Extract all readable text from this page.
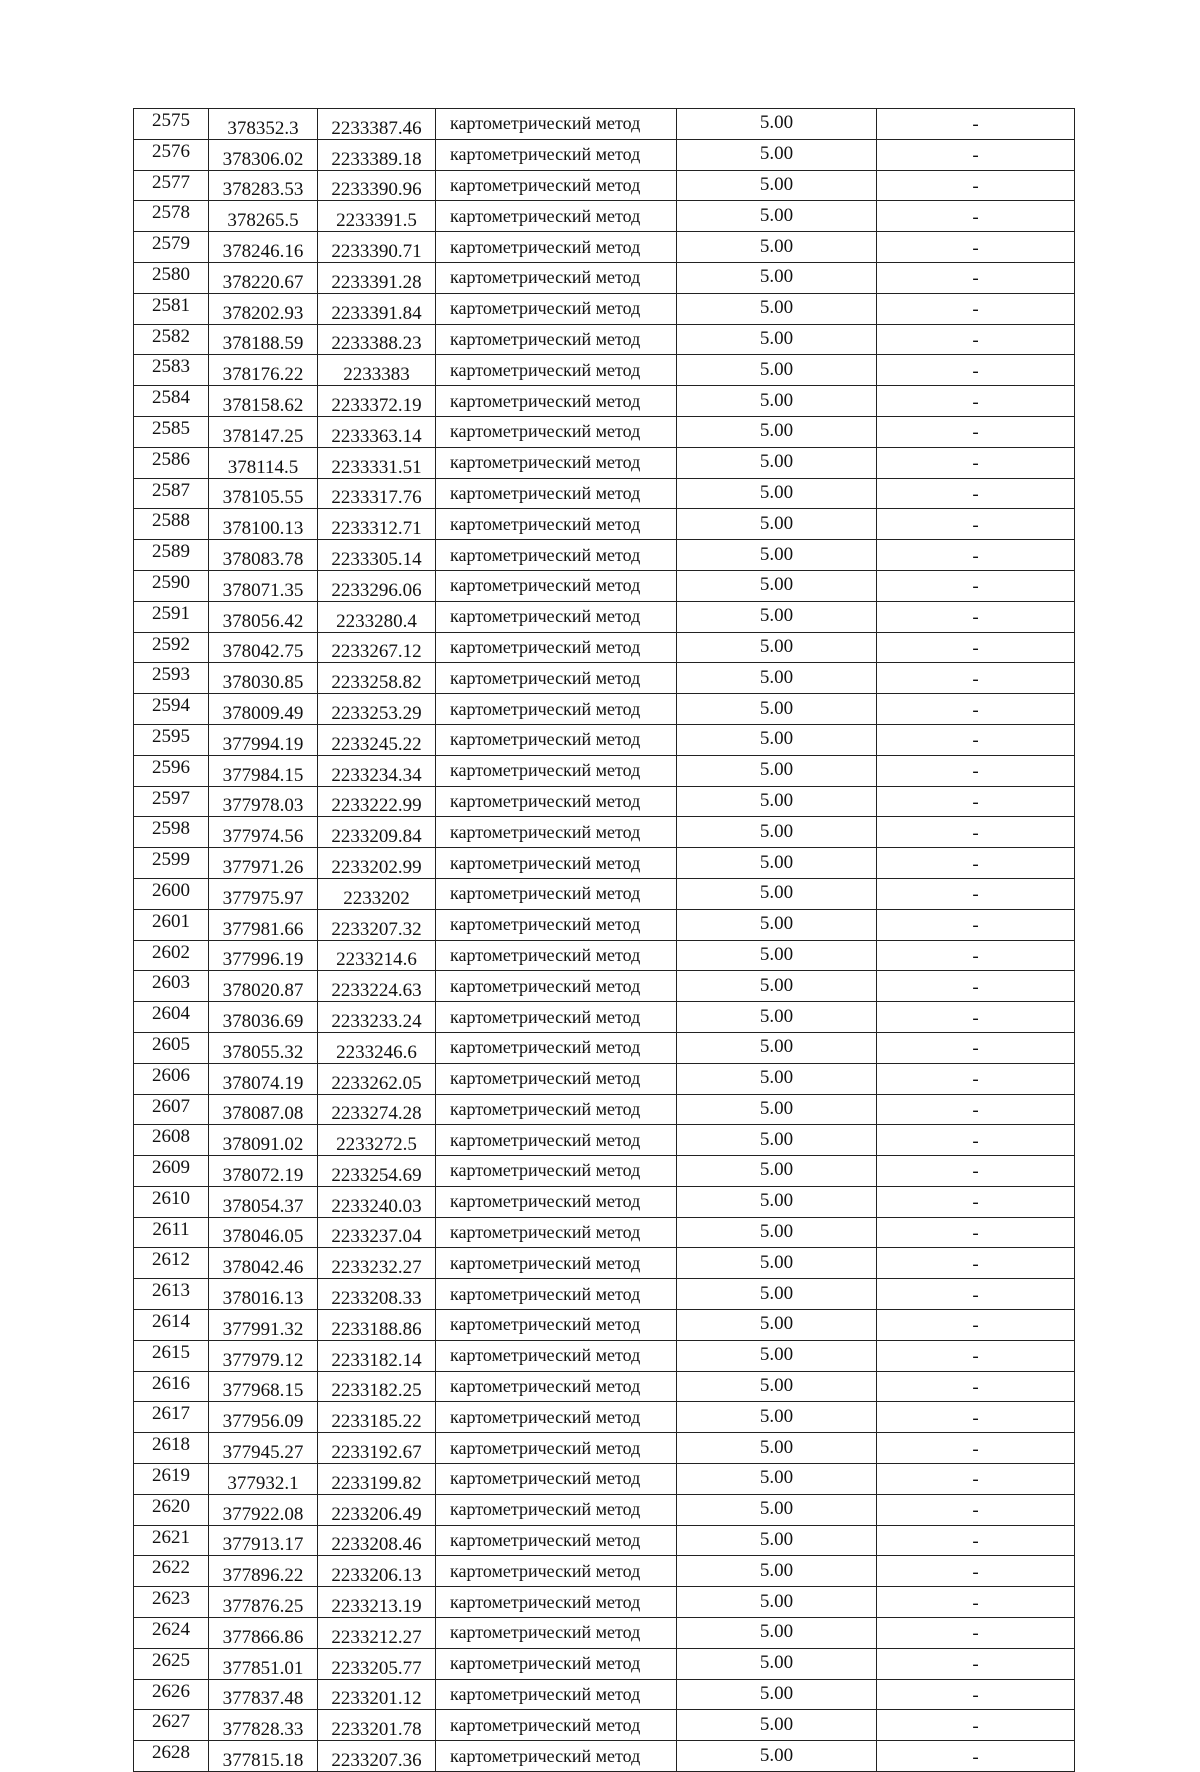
2575	378352.3	2233387.46	картометрический метод	5.00	-
2576	378306.02	2233389.18	картометрический метод	5.00	-
2577	378283.53	2233390.96	картометрический метод	5.00	-
2578	378265.5	2233391.5	картометрический метод	5.00	-
2579	378246.16	2233390.71	картометрический метод	5.00	-
2580	378220.67	2233391.28	картометрический метод	5.00	-
2581	378202.93	2233391.84	картометрический метод	5.00	-
2582	378188.59	2233388.23	картометрический метод	5.00	-
2583	378176.22	2233383	картометрический метод	5.00	-
2584	378158.62	2233372.19	картометрический метод	5.00	-
2585	378147.25	2233363.14	картометрический метод	5.00	-
2586	378114.5	2233331.51	картометрический метод	5.00	-
2587	378105.55	2233317.76	картометрический метод	5.00	-
2588	378100.13	2233312.71	картометрический метод	5.00	-
2589	378083.78	2233305.14	картометрический метод	5.00	-
2590	378071.35	2233296.06	картометрический метод	5.00	-
2591	378056.42	2233280.4	картометрический метод	5.00	-
2592	378042.75	2233267.12	картометрический метод	5.00	-
2593	378030.85	2233258.82	картометрический метод	5.00	-
2594	378009.49	2233253.29	картометрический метод	5.00	-
2595	377994.19	2233245.22	картометрический метод	5.00	-
2596	377984.15	2233234.34	картометрический метод	5.00	-
2597	377978.03	2233222.99	картометрический метод	5.00	-
2598	377974.56	2233209.84	картометрический метод	5.00	-
2599	377971.26	2233202.99	картометрический метод	5.00	-
2600	377975.97	2233202	картометрический метод	5.00	-
2601	377981.66	2233207.32	картометрический метод	5.00	-
2602	377996.19	2233214.6	картометрический метод	5.00	-
2603	378020.87	2233224.63	картометрический метод	5.00	-
2604	378036.69	2233233.24	картометрический метод	5.00	-
2605	378055.32	2233246.6	картометрический метод	5.00	-
2606	378074.19	2233262.05	картометрический метод	5.00	-
2607	378087.08	2233274.28	картометрический метод	5.00	-
2608	378091.02	2233272.5	картометрический метод	5.00	-
2609	378072.19	2233254.69	картометрический метод	5.00	-
2610	378054.37	2233240.03	картометрический метод	5.00	-
2611	378046.05	2233237.04	картометрический метод	5.00	-
2612	378042.46	2233232.27	картометрический метод	5.00	-
2613	378016.13	2233208.33	картометрический метод	5.00	-
2614	377991.32	2233188.86	картометрический метод	5.00	-
2615	377979.12	2233182.14	картометрический метод	5.00	-
2616	377968.15	2233182.25	картометрический метод	5.00	-
2617	377956.09	2233185.22	картометрический метод	5.00	-
2618	377945.27	2233192.67	картометрический метод	5.00	-
2619	377932.1	2233199.82	картометрический метод	5.00	-
2620	377922.08	2233206.49	картометрический метод	5.00	-
2621	377913.17	2233208.46	картометрический метод	5.00	-
2622	377896.22	2233206.13	картометрический метод	5.00	-
2623	377876.25	2233213.19	картометрический метод	5.00	-
2624	377866.86	2233212.27	картометрический метод	5.00	-
2625	377851.01	2233205.77	картометрический метод	5.00	-
2626	377837.48	2233201.12	картометрический метод	5.00	-
2627	377828.33	2233201.78	картометрический метод	5.00	-
2628	377815.18	2233207.36	картометрический метод	5.00	-
